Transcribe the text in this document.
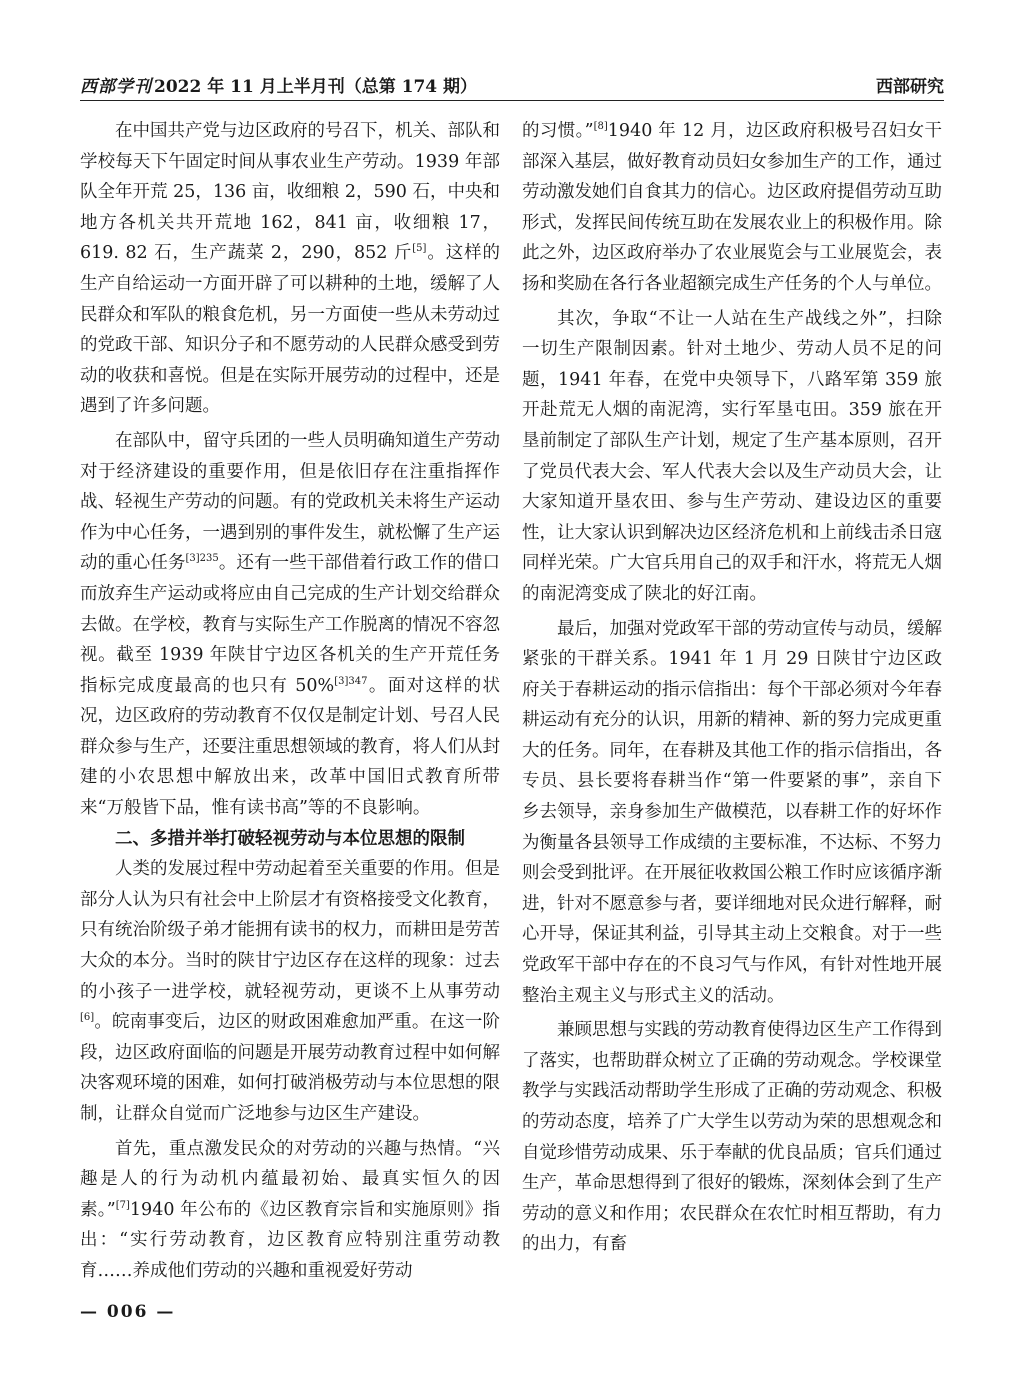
西部学刊 2022 年 11 月上半月刊（总第 174 期）	西部研究

在中国共产党与边区政府的号召下，机关、部队和学校每天下午固定时间从事农业生产劳动。1939 年部队全年开荒 25，136 亩，收细粮 2，590 石，中央和地方各机关共开荒地 162，841 亩，收细粮 17，619. 82 石，生产蔬菜 2，290，852 斤[5]。这样的生产自给运动一方面开辟了可以耕种的土地，缓解了人民群众和军队的粮食危机，另一方面使一些从未劳动过的党政干部、知识分子和不愿劳动的人民群众感受到劳动的收获和喜悦。但是在实际开展劳动的过程中，还是遇到了许多问题。

在部队中，留守兵团的一些人员明确知道生产劳动对于经济建设的重要作用，但是依旧存在注重指挥作战、轻视生产劳动的问题。有的党政机关未将生产运动作为中心任务，一遇到别的事件发生，就松懈了生产运动的重心任务$^{[3]235}$。还有一些干部借着行政工作的借口而放弃生产运动或将应由自己完成的生产计划交给群众去做。在学校，教育与实际生产工作脱离的情况不容忽视。截至 1939 年陕甘宁边区各机关的生产开荒任务指标完成度最高的也只有 50%$^{[3]347}$。面对这样的状况，边区政府的劳动教育不仅仅是制定计划、号召人民群众参与生产，还要注重思想领域的教育，将人们从封建的小农思想中解放出来，改革中国旧式教育所带来“万般皆下品，惟有读书高”等的不良影响。

二、多措并举打破轻视劳动与本位思想的限制

人类的发展过程中劳动起着至关重要的作用。但是部分人认为只有社会中上阶层才有资格接受文化教育，只有统治阶级子弟才能拥有读书的权力，而耕田是劳苦大众的本分。当时的陕甘宁边区存在这样的现象：过去的小孩子一进学校，就轻视劳动，更谈不上从事劳动[6]。皖南事变后，边区的财政困难愈加严重。在这一阶段，边区政府面临的问题是开展劳动教育过程中如何解决客观环境的困难，如何打破消极劳动与本位思想的限制，让群众自觉而广泛地参与边区生产建设。

首先，重点激发民众的对劳动的兴趣与热情。“兴趣是人的行为动机内蕴最初始、最真实恒久的因素。”[7]1940 年公布的《边区教育宗旨和实施原则》指出：“实行劳动教育，边区教育应特别注重劳动教育……养成他们劳动的兴趣和重视爱好劳动

的习惯。”[8]1940 年 12 月，边区政府积极号召妇女干部深入基层，做好教育动员妇女参加生产的工作，通过劳动激发她们自食其力的信心。边区政府提倡劳动互助形式，发挥民间传统互助在发展农业上的积极作用。除此之外，边区政府举办了农业展览会与工业展览会，表扬和奖励在各行各业超额完成生产任务的个人与单位。

其次，争取“不让一人站在生产战线之外”，扫除一切生产限制因素。针对土地少、劳动人员不足的问题，1941 年春，在党中央领导下，八路军第 359 旅开赴荒无人烟的南泥湾，实行军垦屯田。359 旅在开垦前制定了部队生产计划，规定了生产基本原则，召开了党员代表大会、军人代表大会以及生产动员大会，让大家知道开垦农田、参与生产劳动、建设边区的重要性，让大家认识到解决边区经济危机和上前线击杀日寇同样光荣。广大官兵用自己的双手和汗水，将荒无人烟的南泥湾变成了陕北的好江南。

最后，加强对党政军干部的劳动宣传与动员，缓解紧张的干群关系。1941 年 1 月 29 日陕甘宁边区政府关于春耕运动的指示信指出：每个干部必须对今年春耕运动有充分的认识，用新的精神、新的努力完成更重大的任务。同年，在春耕及其他工作的指示信指出，各专员、县长要将春耕当作“第一件要紧的事”，亲自下乡去领导，亲身参加生产做模范，以春耕工作的好坏作为衡量各县领导工作成绩的主要标准，不达标、不努力则会受到批评。在开展征收救国公粮工作时应该循序渐进，针对不愿意参与者，要详细地对民众进行解释，耐心开导，保证其利益，引导其主动上交粮食。对于一些党政军干部中存在的不良习气与作风，有针对性地开展整治主观主义与形式主义的活动。

兼顾思想与实践的劳动教育使得边区生产工作得到了落实，也帮助群众树立了正确的劳动观念。学校课堂教学与实践活动帮助学生形成了正确的劳动观念、积极的劳动态度，培养了广大学生以劳动为荣的思想观念和自觉珍惜劳动成果、乐于奉献的优良品质；官兵们通过生产，革命思想得到了很好的锻炼，深刻体会到了生产劳动的意义和作用；农民群众在农忙时相互帮助，有力的出力，有畜

— 006 —
